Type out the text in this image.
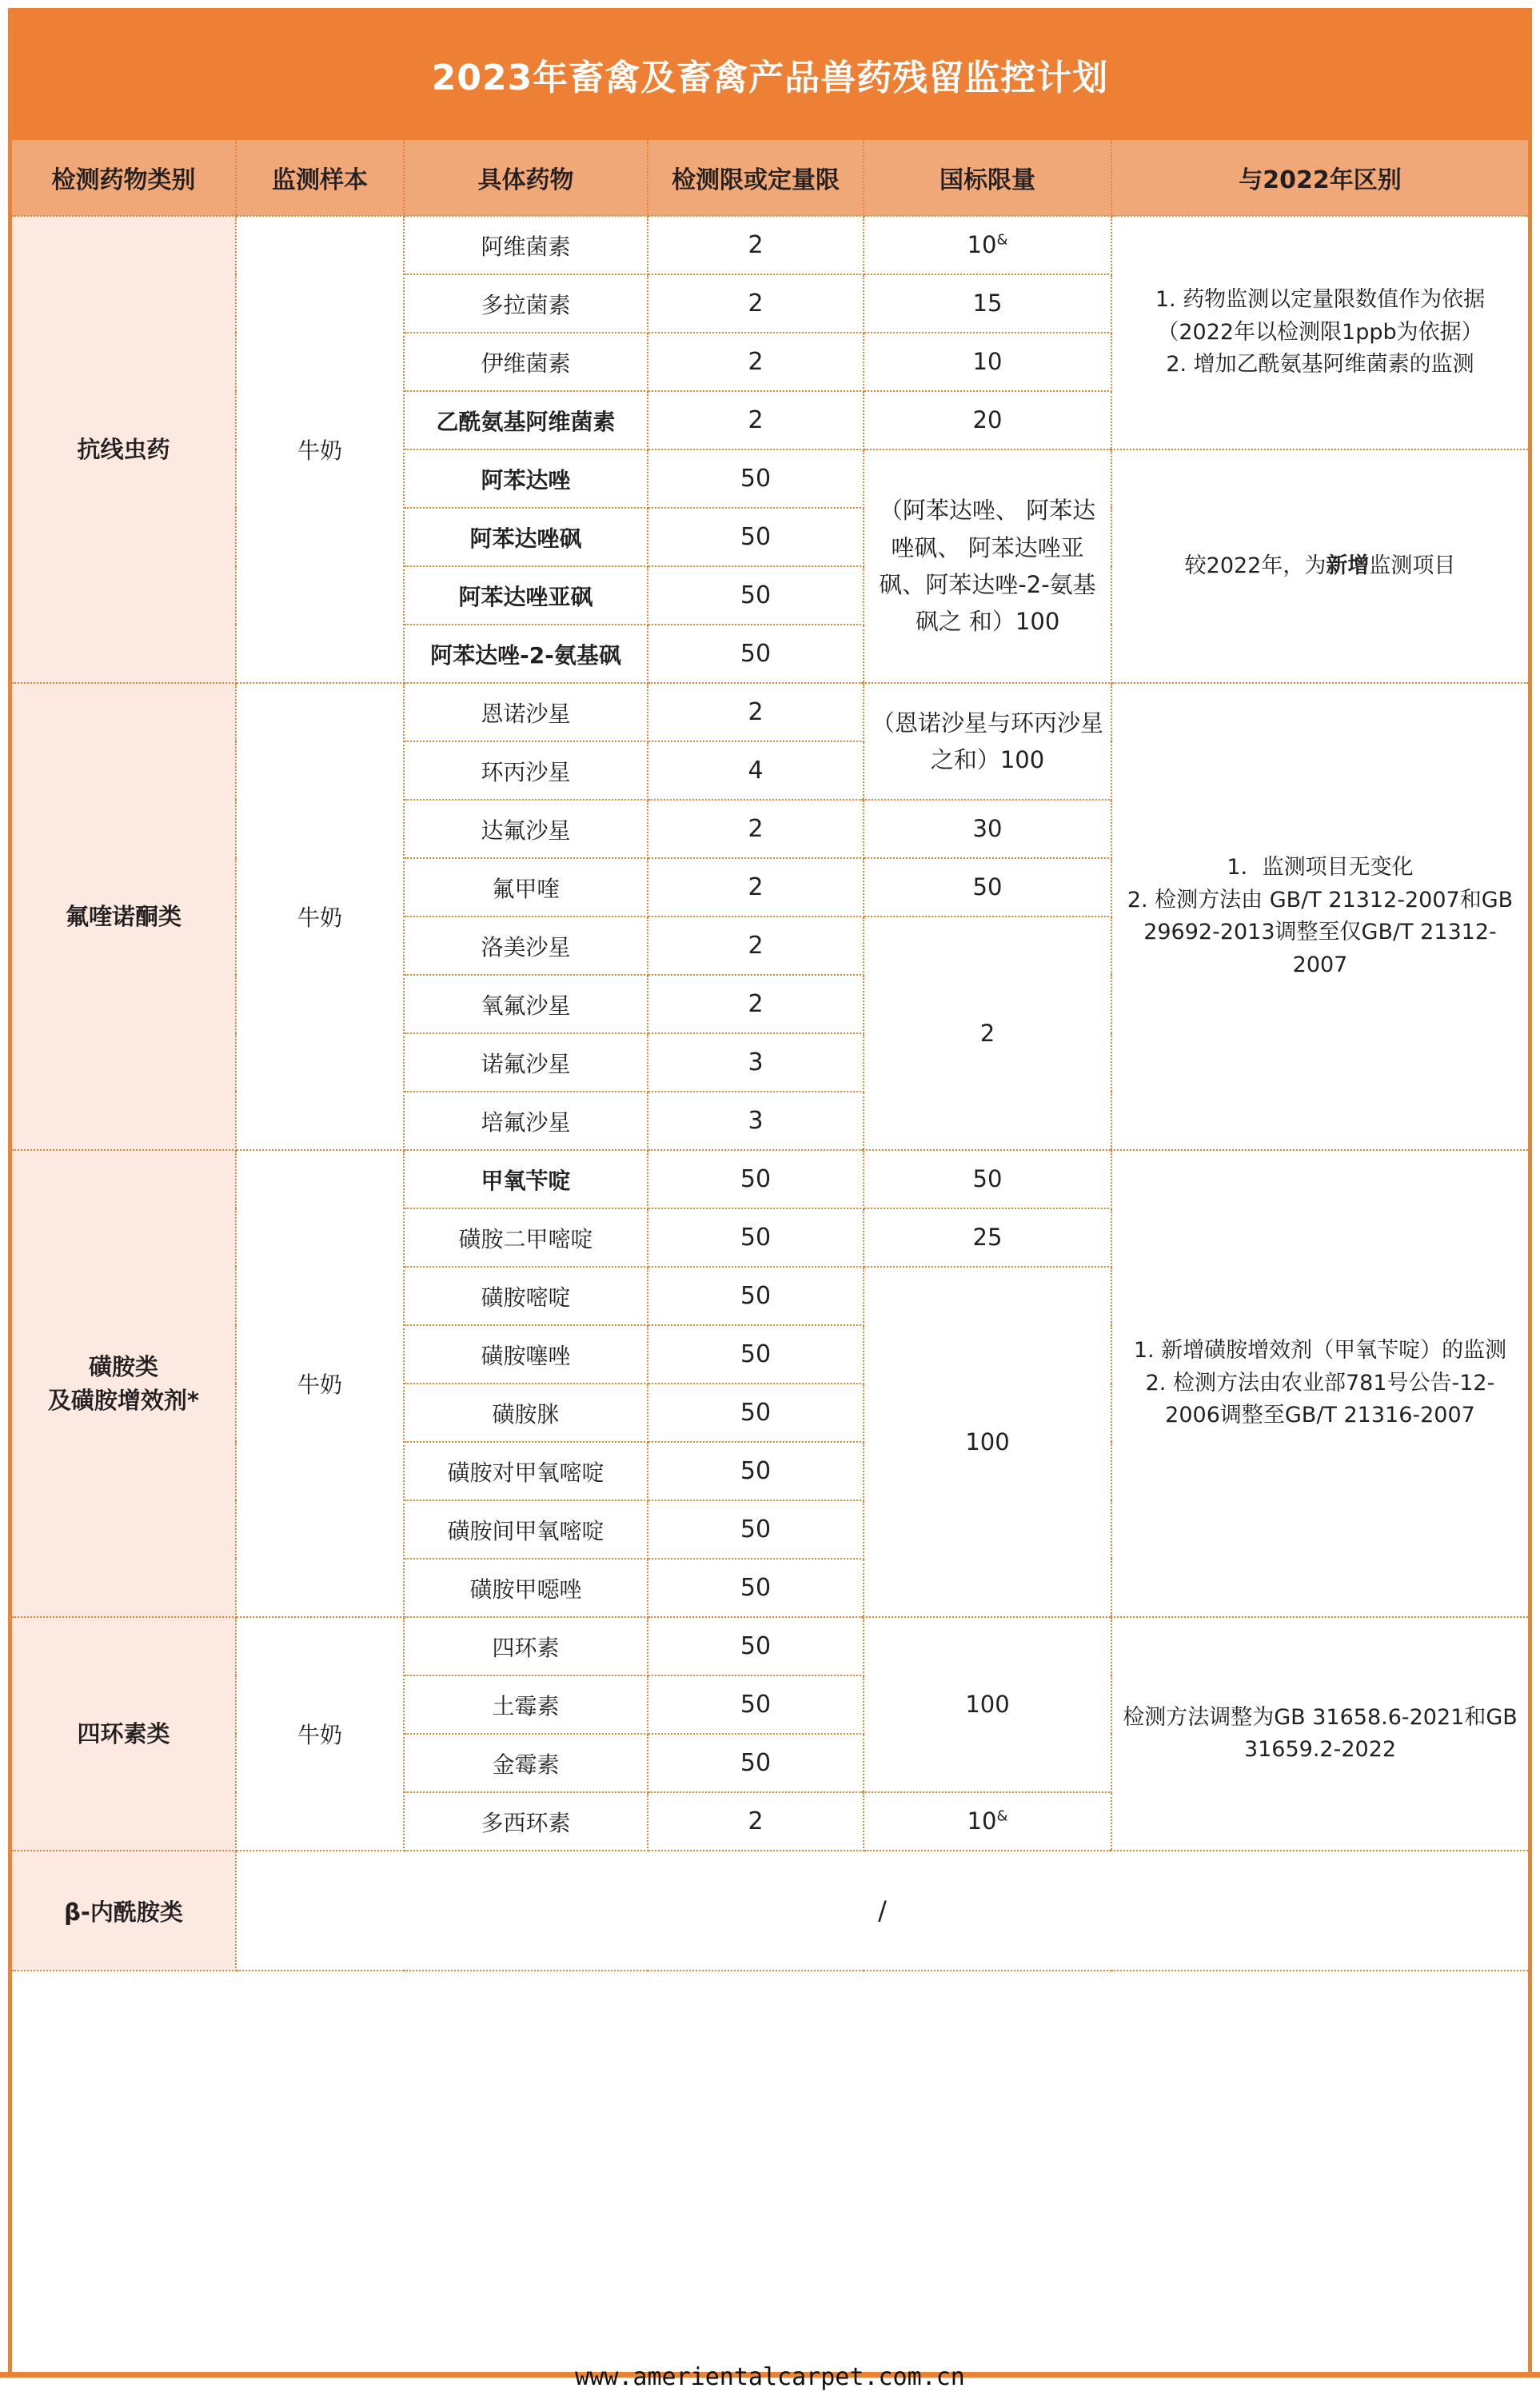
2023年畜禽及畜禽产品兽药残留监控计划
检测药物类别	监测样本	具体药物	检测限或定量限	国标限量	与2022年区别
抗线虫药	牛奶	阿维菌素	2	10&	1. 药物监测以定量限数值作为依据
（2022年以检测限1ppb为依据）
2. 增加乙酰氨基阿维菌素的监测

		多拉菌素	2	15	
		伊维菌素	2	10	
		乙酰氨基阿维菌素	2	20	
		阿苯达唑	50	（阿苯达唑、 阿苯达唑砜、 阿苯达唑亚 砜、阿苯达唑-2-氨基砜之 和）100	较2022年，为新增监测项目
		阿苯达唑砜	50		
		阿苯达唑亚砜	50		
		阿苯达唑-2-氨基砜	50		
氟喹诺酮类	牛奶	恩诺沙星	2	（恩诺沙星与环丙沙星之和）100	1．监测项目无变化
2. 检测方法由 GB/T 21312-2007和GB 29692-2013调整至仅GB/T 21312-2007

		环丙沙星	4		
		达氟沙星	2	30	
		氟甲喹	2	50	
		洛美沙星	2	2	
		氧氟沙星	2		
		诺氟沙星	3		
		培氟沙星	3		
磺胺类
及磺胺增效剂*	牛奶	甲氧苄啶	50	50	1. 新增磺胺增效剂（甲氧苄啶）的监测
2. 检测方法由农业部781号公告-12-2006调整至GB/T 21316-2007

		磺胺二甲嘧啶	50	25	
		磺胺嘧啶	50	100	
		磺胺噻唑	50		
		磺胺脒	50		
		磺胺对甲氧嘧啶	50		
		磺胺间甲氧嘧啶	50		
		磺胺甲噁唑	50		
四环素类	牛奶	四环素	50	100	检测方法调整为GB 31658.6-2021和GB 31659.2-2022

		土霉素	50		
		金霉素	50		
		多西环素	2	10&
β-内酰胺类	/				
www.amerientalcarpet.com.cn
